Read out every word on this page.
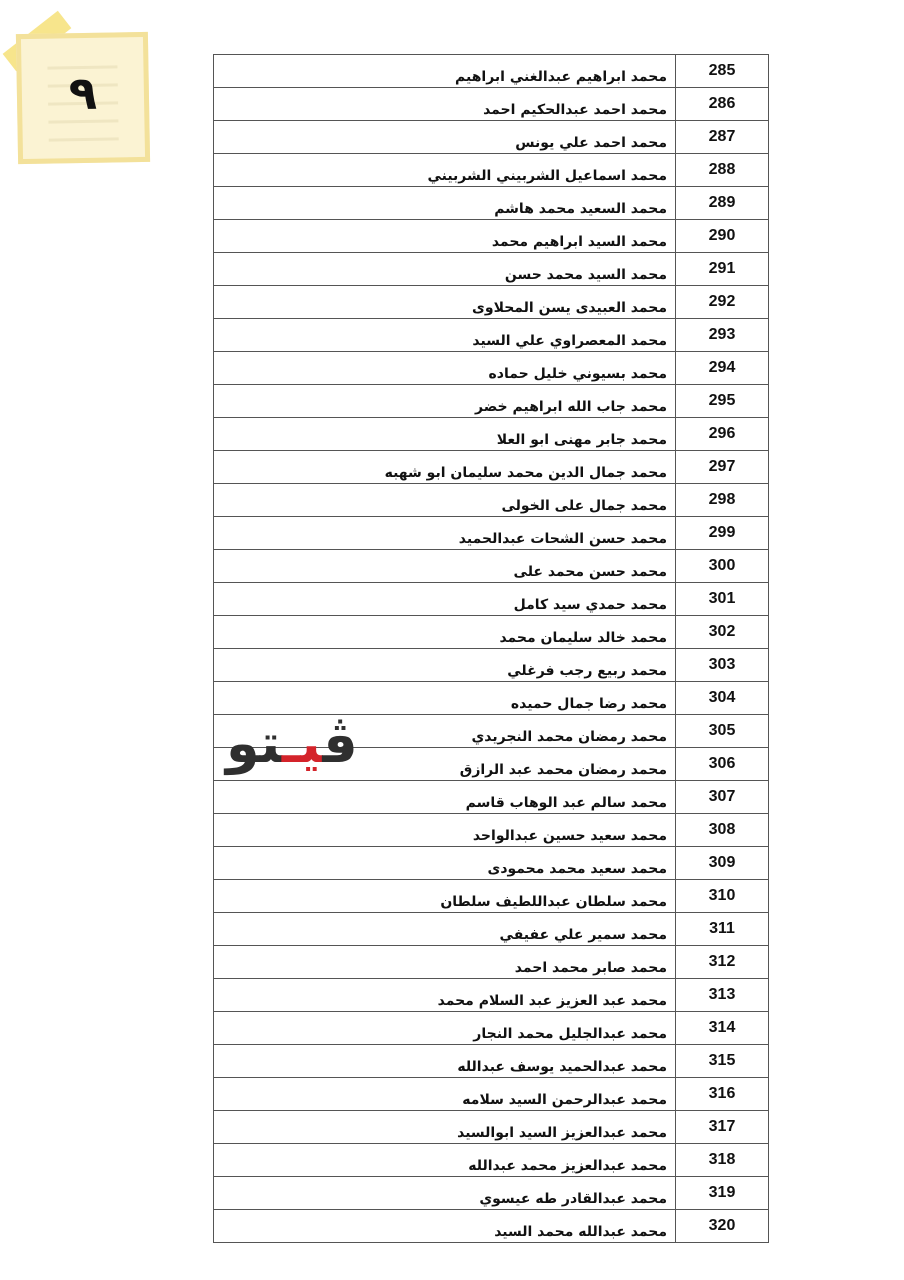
٩	285	محمد ابراهيم عبدالغني ابراهيم
286	محمد احمد عبدالحكيم احمد
287	محمد احمد علي يونس
288	محمد اسماعيل الشربيني الشربيني
289	محمد السعيد محمد هاشم
290	محمد السيد ابراهيم محمد
291	محمد السيد محمد حسن
292	محمد العبيدى يسن المحلاوى
293	محمد المعصراوي علي السيد
294	محمد بسيوني خليل حماده
295	محمد جاب الله ابراهيم خضر
296	محمد جابر مهنى ابو العلا
297	محمد جمال الدين محمد سليمان ابو شهبه
298	محمد جمال على الخولى
299	محمد حسن الشحات عبدالحميد
300	محمد حسن محمد على
301	محمد حمدي سيد كامل
302	محمد خالد سليمان محمد
303	محمد ربيع رجب فرغلي
304	محمد رضا جمال حميده
305	محمد رمضان محمد النجريدي
306	محمد رمضان محمد عبد الرازق
307	محمد سالم عبد الوهاب قاسم
308	محمد سعيد حسين عبدالواحد
309	محمد سعيد محمد محمودى
310	محمد سلطان عبداللطيف سلطان
311	محمد سمير علي عفيفي
312	محمد صابر محمد احمد
313	محمد عبد العزيز عبد السلام محمد
314	محمد عبدالجليل محمد النجار
315	محمد عبدالحميد يوسف عبدالله
316	محمد عبدالرحمن السيد سلامه
317	محمد عبدالعزيز السيد ابوالسيد
318	محمد عبدالعزيز محمد عبدالله
319	محمد عبدالقادر طه عيسوي
320	محمد عبدالله محمد السيد
ڤيـتو
